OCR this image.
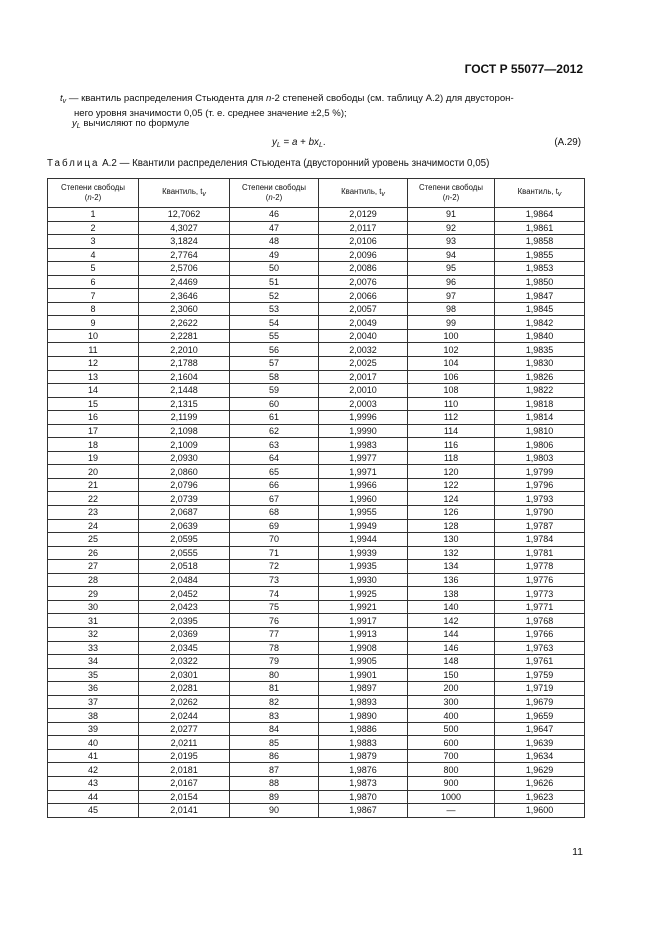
ГОСТ Р 55077—2012
$t_v$ — квантиль распределения Стьюдента для n-2 степеней свободы (см. таблицу А.2) для двусторон-
него уровня значимости 0,05 (т. е. среднее значение ±2,5 %);
$y_L$ вычисляют по формуле
$y_L = a + bx_L$.	(А.29)
Таблица А.2 — Квантили распределения Стьюдента (двусторонний уровень значимости 0,05)
Степени свободы
(n-2)	Квантиль, $t_v$	Степени свободы
(n-2)	Квантиль, $t_v$	Степени свободы
(n-2)	Квантиль, $t_v$
1	12,7062	46	2,0129	91	1,9864
2	4,3027	47	2,0117	92	1,9861
3	3,1824	48	2,0106	93	1,9858
4	2,7764	49	2,0096	94	1,9855
5	2,5706	50	2,0086	95	1,9853
6	2,4469	51	2,0076	96	1,9850
7	2,3646	52	2,0066	97	1,9847
8	2,3060	53	2,0057	98	1,9845
9	2,2622	54	2,0049	99	1,9842
10	2,2281	55	2,0040	100	1,9840
11	2,2010	56	2,0032	102	1,9835
12	2,1788	57	2,0025	104	1,9830
13	2,1604	58	2,0017	106	1,9826
14	2,1448	59	2,0010	108	1,9822
15	2,1315	60	2,0003	110	1,9818
16	2,1199	61	1,9996	112	1,9814
17	2,1098	62	1,9990	114	1,9810
18	2,1009	63	1,9983	116	1,9806
19	2,0930	64	1,9977	118	1,9803
20	2,0860	65	1,9971	120	1,9799
21	2,0796	66	1,9966	122	1,9796
22	2,0739	67	1,9960	124	1,9793
23	2,0687	68	1,9955	126	1,9790
24	2,0639	69	1,9949	128	1,9787
25	2,0595	70	1,9944	130	1,9784
26	2,0555	71	1,9939	132	1,9781
27	2,0518	72	1,9935	134	1,9778
28	2,0484	73	1,9930	136	1,9776
29	2,0452	74	1,9925	138	1,9773
30	2,0423	75	1,9921	140	1,9771
31	2,0395	76	1,9917	142	1,9768
32	2,0369	77	1,9913	144	1,9766
33	2,0345	78	1,9908	146	1,9763
34	2,0322	79	1,9905	148	1,9761
35	2,0301	80	1,9901	150	1,9759
36	2,0281	81	1,9897	200	1,9719
37	2,0262	82	1,9893	300	1,9679
38	2,0244	83	1,9890	400	1,9659
39	2,0277	84	1,9886	500	1,9647
40	2,0211	85	1,9883	600	1,9639
41	2,0195	86	1,9879	700	1,9634
42	2,0181	87	1,9876	800	1,9629
43	2,0167	88	1,9873	900	1,9626
44	2,0154	89	1,9870	1000	1,9623
45	2,0141	90	1,9867	—	1,9600
11
